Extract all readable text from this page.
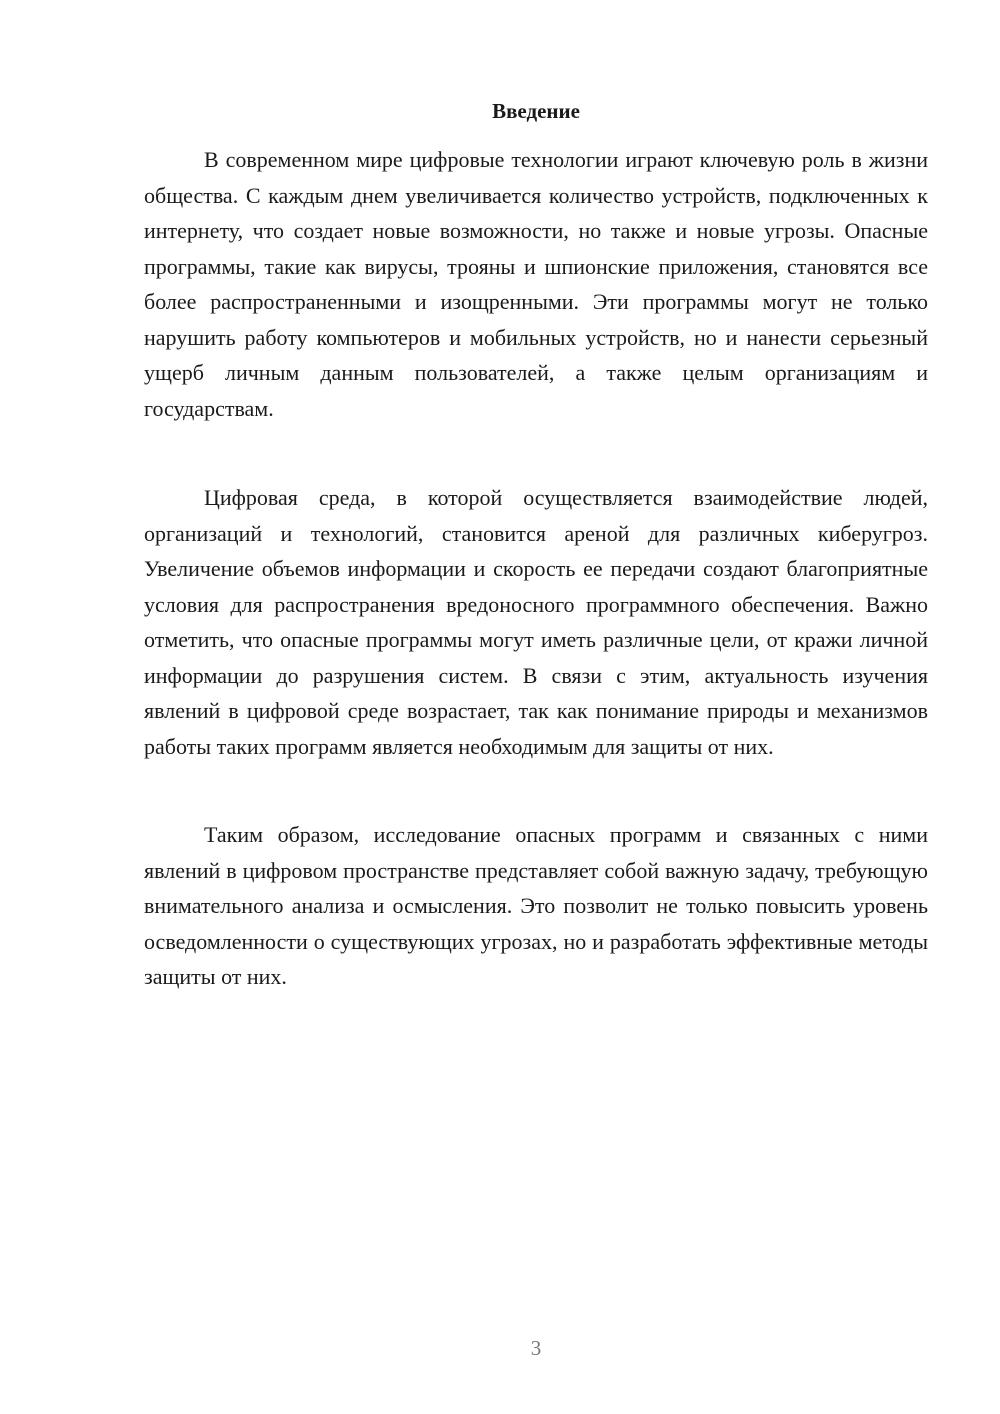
Введение

В современном мире цифровые технологии играют ключевую роль в жизни общества. С каждым днем увеличивается количество устройств, подключенных к интернету, что создает новые возможности, но также и новые угрозы. Опасные программы, такие как вирусы, трояны и шпионские приложения, становятся все более распространенными и изощренными. Эти программы могут не только нарушить работу компьютеров и мобильных устройств, но и нанести серьезный ущерб личным данным пользователей, а также целым организациям и государствам.

Цифровая среда, в которой осуществляется взаимодействие людей, организаций и технологий, становится ареной для различных киберугроз. Увеличение объемов информации и скорость ее передачи создают благоприятные условия для распространения вредоносного программного обеспечения. Важно отметить, что опасные программы могут иметь различные цели, от кражи личной информации до разрушения систем. В связи с этим, актуальность изучения явлений в цифровой среде возрастает, так как понимание природы и механизмов работы таких программ является необходимым для защиты от них.

Таким образом, исследование опасных программ и связанных с ними явлений в цифровом пространстве представляет собой важную задачу, требующую внимательного анализа и осмысления. Это позволит не только повысить уровень осведомленности о существующих угрозах, но и разработать эффективные методы защиты от них.

3
